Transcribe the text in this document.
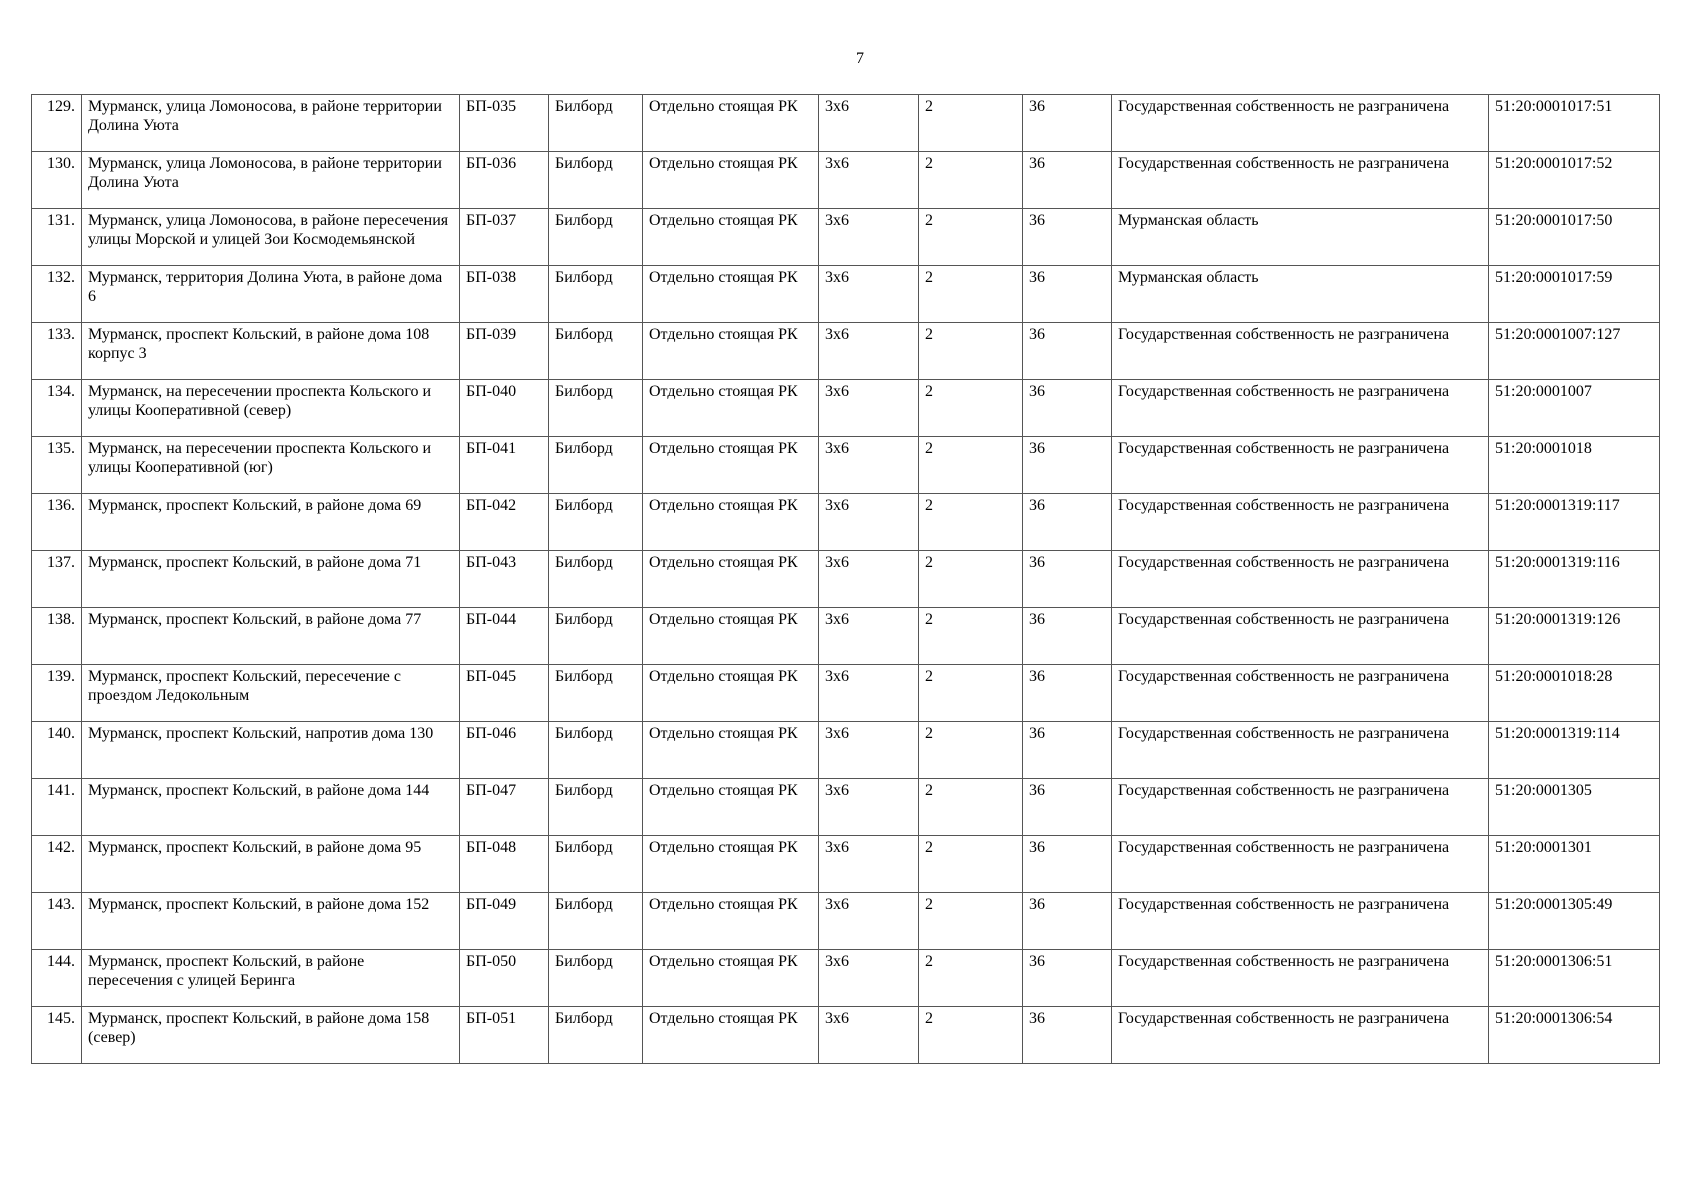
7
129.	Мурманск, улица Ломоносова, в районе территории Долина Уюта	БП-035	Билборд	Отдельно стоящая РК	3х6	2	36	Государственная собственность не разграничена	51:20:0001017:51
130.	Мурманск, улица Ломоносова, в районе территории Долина Уюта	БП-036	Билборд	Отдельно стоящая РК	3х6	2	36	Государственная собственность не разграничена	51:20:0001017:52
131.	Мурманск, улица Ломоносова, в районе пересечения улицы Морской и улицей Зои Космодемьянской	БП-037	Билборд	Отдельно стоящая РК	3х6	2	36	Мурманская область	51:20:0001017:50
132.	Мурманск, территория Долина Уюта, в районе дома 6	БП-038	Билборд	Отдельно стоящая РК	3х6	2	36	Мурманская область	51:20:0001017:59
133.	Мурманск, проспект Кольский, в районе дома 108 корпус 3	БП-039	Билборд	Отдельно стоящая РК	3х6	2	36	Государственная собственность не разграничена	51:20:0001007:127
134.	Мурманск, на пересечении проспекта Кольского и улицы Кооперативной (север)	БП-040	Билборд	Отдельно стоящая РК	3х6	2	36	Государственная собственность не разграничена	51:20:0001007
135.	Мурманск, на пересечении проспекта Кольского и улицы Кооперативной (юг)	БП-041	Билборд	Отдельно стоящая РК	3х6	2	36	Государственная собственность не разграничена	51:20:0001018
136.	Мурманск, проспект Кольский, в районе дома 69	БП-042	Билборд	Отдельно стоящая РК	3х6	2	36	Государственная собственность не разграничена	51:20:0001319:117
137.	Мурманск, проспект Кольский, в районе дома 71	БП-043	Билборд	Отдельно стоящая РК	3х6	2	36	Государственная собственность не разграничена	51:20:0001319:116
138.	Мурманск, проспект Кольский, в районе дома 77	БП-044	Билборд	Отдельно стоящая РК	3х6	2	36	Государственная собственность не разграничена	51:20:0001319:126
139.	Мурманск, проспект Кольский, пересечение с проездом Ледокольным	БП-045	Билборд	Отдельно стоящая РК	3х6	2	36	Государственная собственность не разграничена	51:20:0001018:28
140.	Мурманск, проспект Кольский, напротив дома 130	БП-046	Билборд	Отдельно стоящая РК	3х6	2	36	Государственная собственность не разграничена	51:20:0001319:114
141.	Мурманск, проспект Кольский, в районе дома 144	БП-047	Билборд	Отдельно стоящая РК	3х6	2	36	Государственная собственность не разграничена	51:20:0001305
142.	Мурманск, проспект Кольский, в районе дома 95	БП-048	Билборд	Отдельно стоящая РК	3х6	2	36	Государственная собственность не разграничена	51:20:0001301
143.	Мурманск, проспект Кольский, в районе дома 152	БП-049	Билборд	Отдельно стоящая РК	3х6	2	36	Государственная собственность не разграничена	51:20:0001305:49
144.	Мурманск, проспект Кольский, в районе пересечения с улицей Беринга	БП-050	Билборд	Отдельно стоящая РК	3х6	2	36	Государственная собственность не разграничена	51:20:0001306:51
145.	Мурманск, проспект Кольский, в районе дома 158 (север)	БП-051	Билборд	Отдельно стоящая РК	3х6	2	36	Государственная собственность не разграничена	51:20:0001306:54
